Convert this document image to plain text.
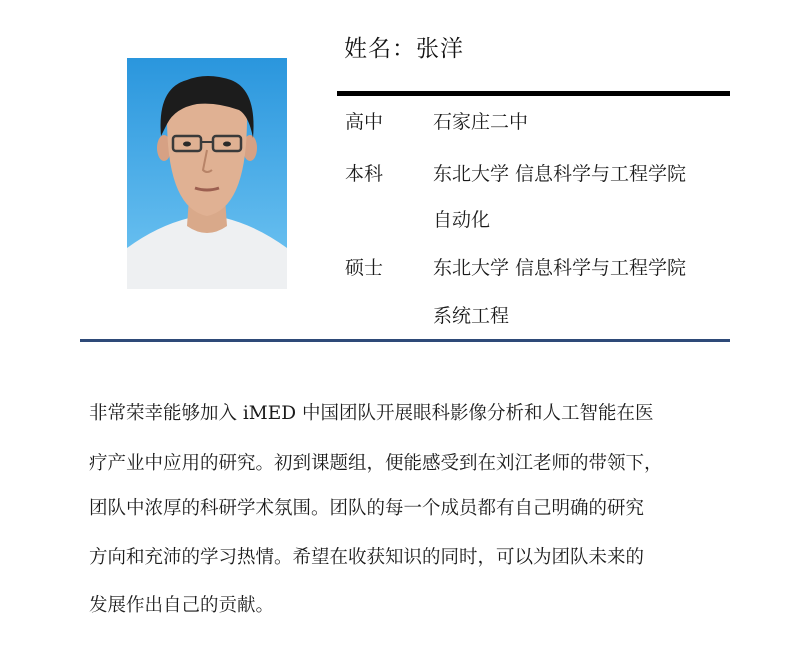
姓名：张洋
高中	石家庄二中
本科	东北大学 信息科学与工程学院
自动化
硕士	东北大学 信息科学与工程学院
系统工程
非常荣幸能够加入 iMED 中国团队开展眼科影像分析和人工智能在医
疗产业中应用的研究。初到课题组，便能感受到在刘江老师的带领下，
团队中浓厚的科研学术氛围。团队的每一个成员都有自己明确的研究
方向和充沛的学习热情。希望在收获知识的同时，可以为团队未来的
发展作出自己的贡献。
